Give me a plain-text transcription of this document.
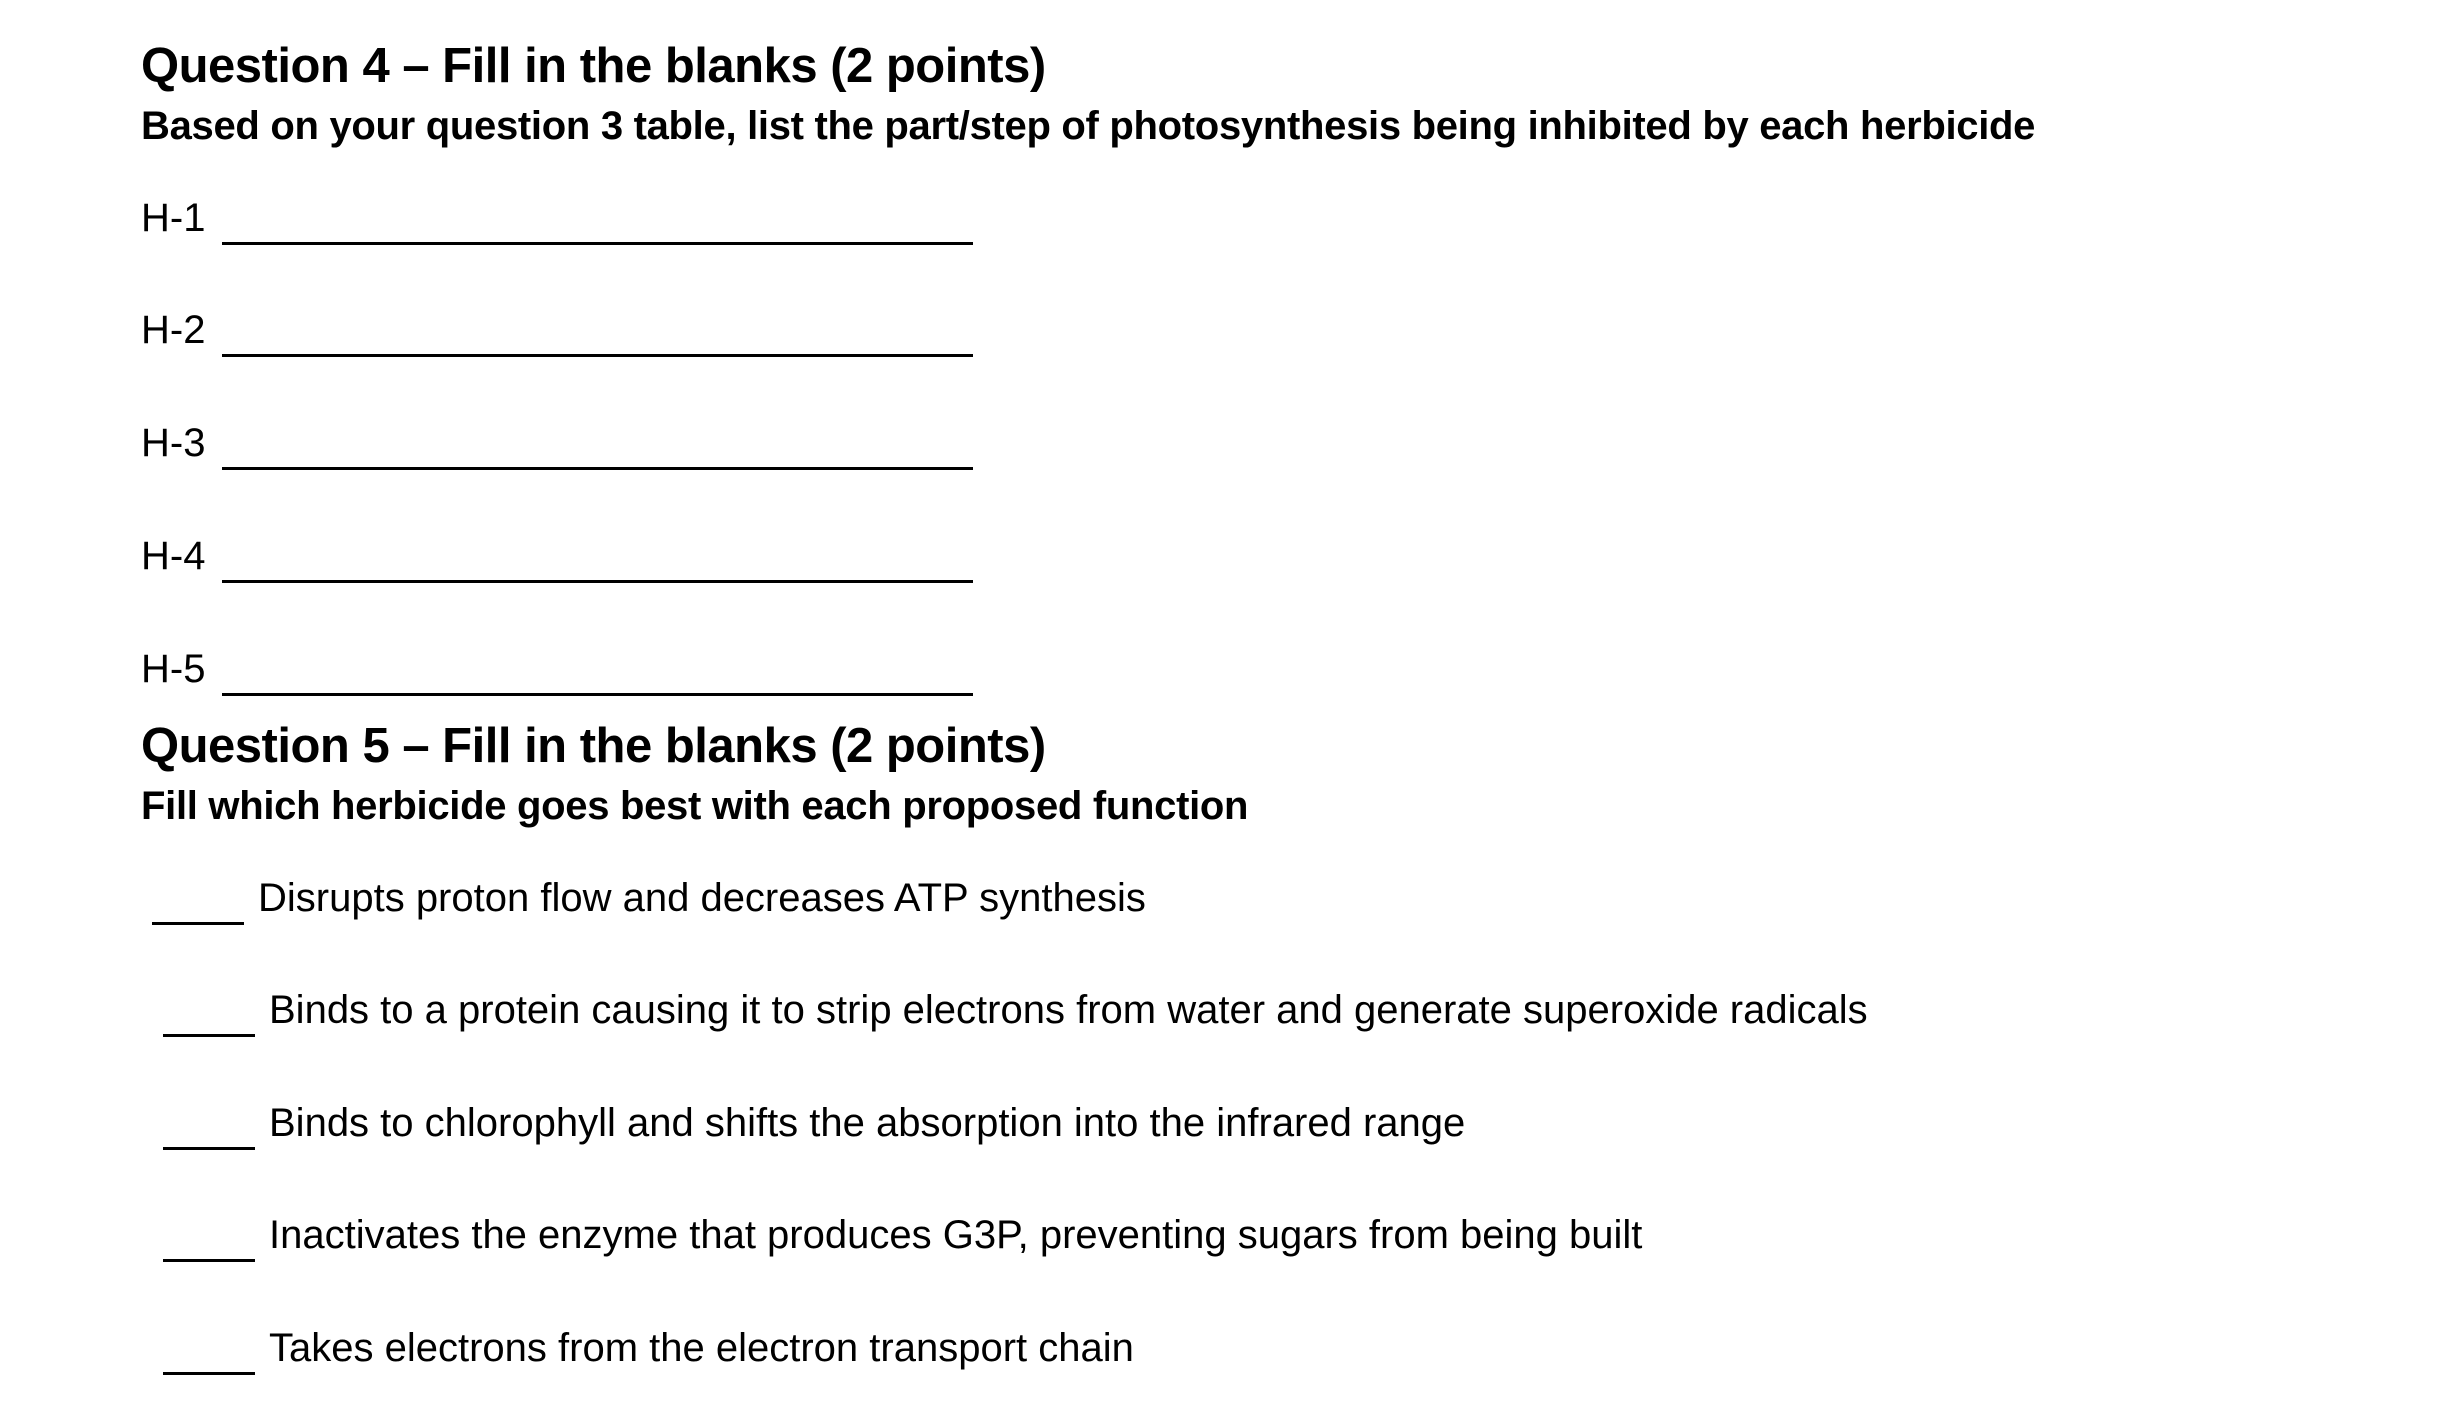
Question 4 – Fill in the blanks (2 points)
Based on your question 3 table, list the part/step of photosynthesis being inhibited by each herbicide
H-1
H-2
H-3
H-4
H-5
Question 5 – Fill in the blanks (2 points)
Fill which herbicide goes best with each proposed function
Disrupts proton flow and decreases ATP synthesis
Binds to a protein causing it to strip electrons from water and generate superoxide radicals
Binds to chlorophyll and shifts the absorption into the infrared range
Inactivates the enzyme that produces G3P, preventing sugars from being built
Takes electrons from the electron transport chain
